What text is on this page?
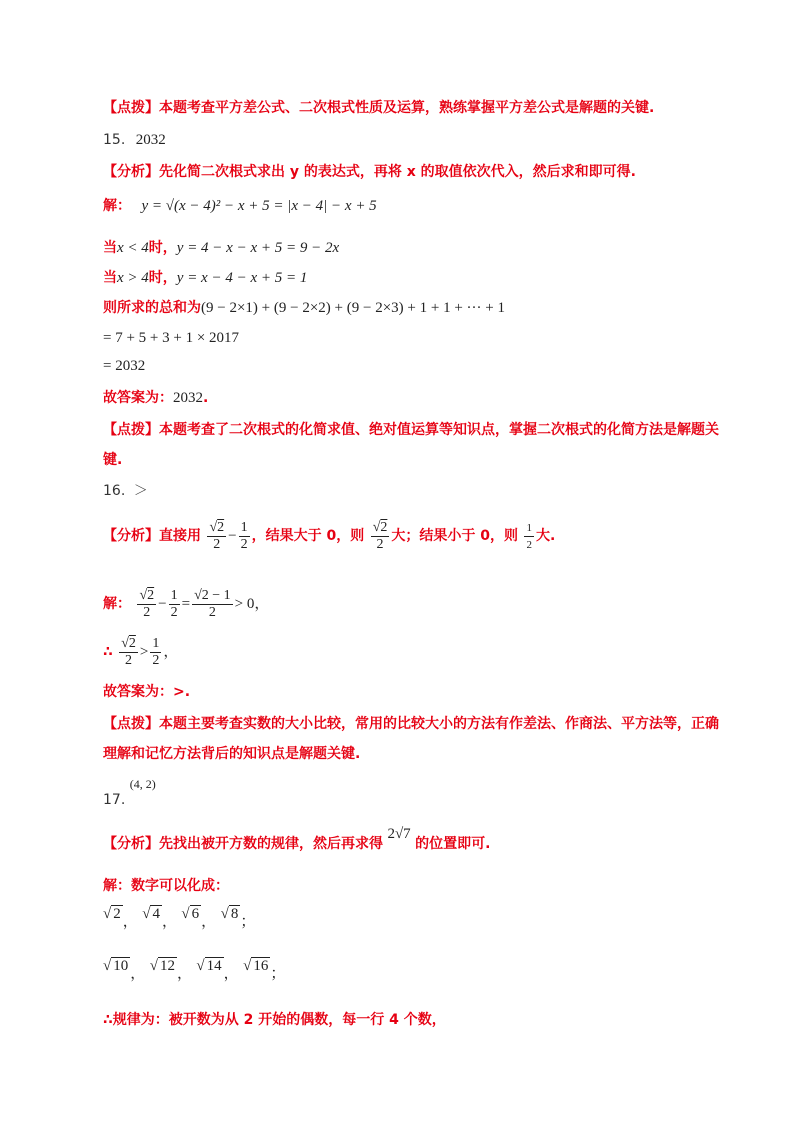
【点拨】本题考查平方差公式、二次根式性质及运算，熟练掌握平方差公式是解题的关键.
15. 2032
【分析】先化简二次根式求出 y 的表达式，再将 x 的取值依次代入，然后求和即可得.
解： y = √(x − 4)² − x + 5 = |x − 4| − x + 5
当x < 4时，y = 4 − x − x + 5 = 9 − 2x
当x > 4时，y = x − 4 − x + 5 = 1
则所求的总和为(9 − 2×1) + (9 − 2×2) + (9 − 2×3) + 1 + 1 + ··· + 1
= 7 + 5 + 3 + 1 × 2017
= 2032
故答案为：2032.
【点拨】本题考查了二次根式的化简求值、绝对值运算等知识点，掌握二次根式的化简方法是解题关
键.
16. ＞
【分析】直接用 $\frac{√2}{2} - \frac{1}{2}$ ，结果大于 0，则 $\frac{√2}{2}$ 大；结果小于 0，则 $\frac{1}{2}$ 大.
解： $\frac{√2}{2} - \frac{1}{2} = \frac{√2 - 1}{2} > 0$，
∴ $\frac{√2}{2} > \frac{1}{2}$ ，
故答案为：>.
【点拨】本题主要考查实数的大小比较，常用的比较大小的方法有作差法、作商法、平方法等，正确
理解和记忆方法背后的知识点是解题关键.
17. (4, 2)
【分析】先找出被开方数的规律，然后再求得 2√7 的位置即可.
解：数字可以化成：
√ 2 ， √ 4 ， √ 6 ， √ 8 ；
√ 10 ， √ 12 ， √ 14 ， √ 16 ；
∴规律为：被开数为从 2 开始的偶数，每一行 4 个数，
